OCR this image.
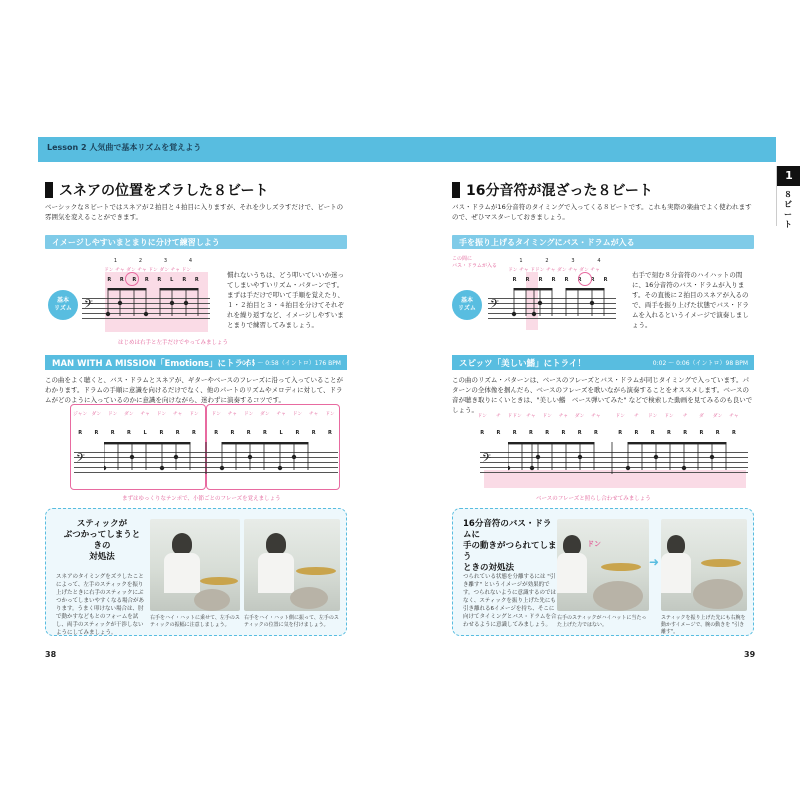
Lesson 2 人気曲で基本リズムを覚えよう
1
８ビート
スネアの位置をズラした８ビート
ベーシックな８ビートではスネアが２拍目と４拍目に入りますが、それを少しズラすだけで、ビートの雰囲気を変えることができます。
イメージしやすいまとまりに分けて練習しよう
基本
リズム
1	2	3	4
ドン チャ ダン チャ ドン ダン チャ ドン
R	R	R	R	R	L	R	R
𝄢
はじめは右手と左手だけでやってみましょう
慣れないうちは、どう叩いていいか迷ってしまいやすいリズム・パターンです。まずは手だけで叩いて手順を覚えたり、１・２拍目と３・４拍目を分けてそれぞれを繰り返すなど、イメージしやすいまとまりで練習してみましょう。
MAN WITH A MISSION「Emotions」にトライ！
0:55 ～ 0:58（イントロ）176 BPM
この曲をよく聴くと、バス・ドラムとスネアが、ギターやベースのフレーズに沿って入っていることがわかります。ドラムの手順に意識を向けるだけでなく、他のパートのリズムやメロディに対して、ドラムがどのように入っているのかに意識を向けながら、迷わずに演奏するコツです。
ジャン ダン	ドン	ダン	チャ	ドン	チャ	ドン	ドン	チャ	ドン	ダン	チャ	ドン	チャ	ドン
R	R	R	R	L	R	R	R	R	R	R	R	L	R	R	R
𝄢
まずはゆっくりなテンポで、小節ごとのフレーズを覚えましょう
スティックが
ぶつかってしまうときの
対処法
スネアのタイミングをズラしたことによって、左手のスティックを振り上げたときに右手のスティックにぶつかってしまいやすくなる場合があります。うまく叩けない場合は、肘で動かすなどもとのフォームを試し、両手のスティックが干渉しないようにしてみましょう。
右手をハイ・ハットに乗せて、左手のスティックの振幅に注意しましょう。
右手をハイ・ハット側に振って、左手のスティックの位置に気を付けましょう。
38
16分音符が混ざった８ビート
バス・ドラムが16分音符のタイミングで入ってくる８ビートです。これも実際の楽曲でよく使われますので、ぜひマスターしておきましょう。
手を振り上げるタイミングにバス・ドラムが入る
この間に
バス・ドラムが入る
基本
リズム
1	2	3	4
ドン チャ ドドン チャ ダン チャ ダン チャ
R	R	R	R	R	R	R	R
𝄢
右手で刻む８分音符のハイハットの間に、16分音符のバス・ドラムが入ります。その直後に２拍目のスネアが入るので、両手を振り上げた状態でバス・ドラムを入れるというイメージで演奏しましょう。
スピッツ「美しい鰭」にトライ！	0:02 ～ 0:06（イントロ）98 BPM
この曲のリズム・パターンは、ベースのフレーズとバス・ドラムが同じタイミングで入っています。パターンの全体像を掴んだら、ベースのフレーズを歌いながら演奏することをオススメします。ベースの音が聴き取りにくいときは、"美しい鰭　ベース弾いてみた" などで検索した動画を見てみるのも良いでしょう。
ドン	チ	ドドン チャ	ドン	チャ	ダン	チャ	ドン	チ	ドン	ドン	チ	ダ	ダン	チャ
R	R	R	R	R	R	R	R	R	R	R	R	R	R	R	R
𝄢
ベースのフレーズと照らし合わせてみましょう
16分音符のバス・ドラムに
手の動きがつられてしまう
ときの対処法
つられている状態を分離するには "引き離す" というイメージが効果的です。つられないように意識するのではなく、スティックを振り上げた先にも引き離れる6イメージを持ち、そこに向けてタイミングとバス・ドラムを合わせるように意識してみましょう。
ドン
➜
右手のスティックがハイハットに当たった上げた力ではない。
スティックを振り上げた先にも右腕を動かすイメージで、腕の動きを "引き離す"。
39
